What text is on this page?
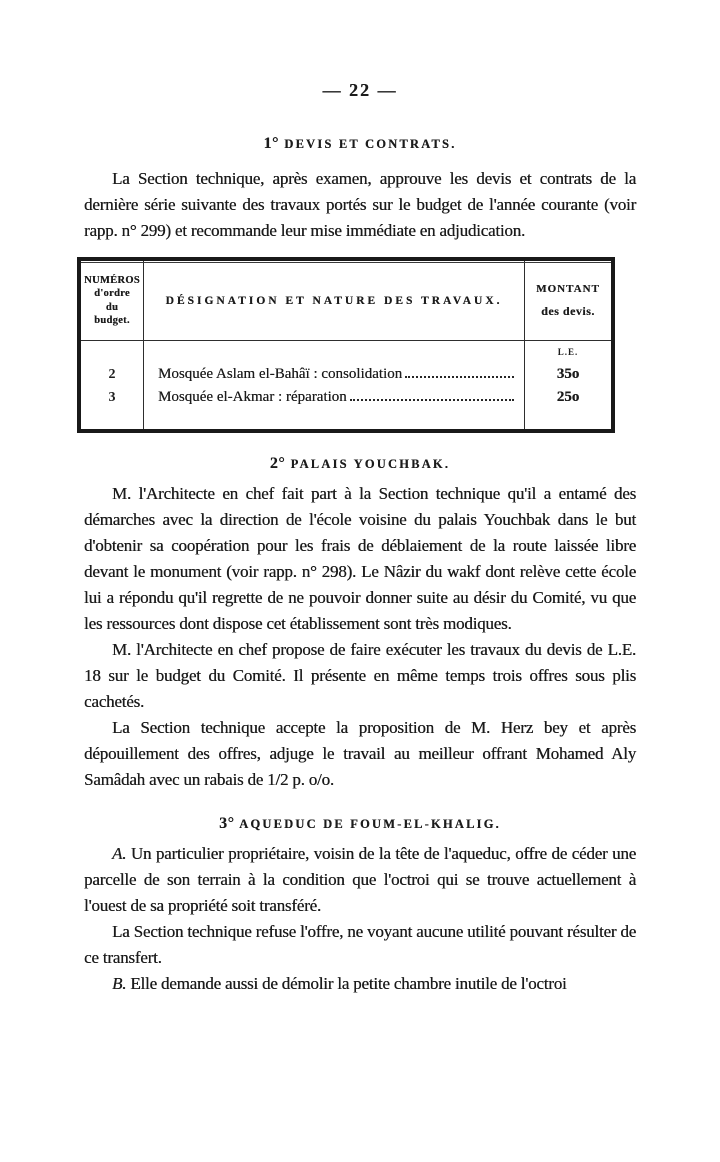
— 22 —
1° DEVIS ET CONTRATS.

La Section technique, après examen, approuve les devis et contrats de la dernière série suivante des travaux portés sur le budget de l'année courante (voir rapp. n° 299) et recommande leur mise immédiate en adjudication.

NUMÉROS
d'ordre
du
budget.
DÉSIGNATION ET NATURE DES TRAVAUX.
MONTANT
des devis.
2
3
Mosquée Aslam el-Bahâï : consolidation
Mosquée el-Akmar : réparation
L.E.
35o
25o
2° PALAIS YOUCHBAK.

M. l'Architecte en chef fait part à la Section technique qu'il a entamé des démarches avec la direction de l'école voisine du palais Youchbak dans le but d'obtenir sa coopération pour les frais de déblaiement de la route laissée libre devant le monument (voir rapp. n° 298). Le Nâzir du wakf dont relève cette école lui a répondu qu'il regrette de ne pouvoir donner suite au désir du Comité, vu que les ressources dont dispose cet établissement sont très modiques.

M. l'Architecte en chef propose de faire exécuter les travaux du devis de L.E. 18 sur le budget du Comité. Il présente en même temps trois offres sous plis cachetés.

La Section technique accepte la proposition de M. Herz bey et après dépouillement des offres, adjuge le travail au meilleur offrant Mohamed Aly Samâdah avec un rabais de 1/2 p. o/o.

3° AQUEDUC DE FOUM-EL-KHALIG.

A. Un particulier propriétaire, voisin de la tête de l'aqueduc, offre de céder une parcelle de son terrain à la condition que l'octroi qui se trouve actuellement à l'ouest de sa propriété soit transféré.

La Section technique refuse l'offre, ne voyant aucune utilité pouvant résulter de ce transfert.

B. Elle demande aussi de démolir la petite chambre inutile de l'octroi
